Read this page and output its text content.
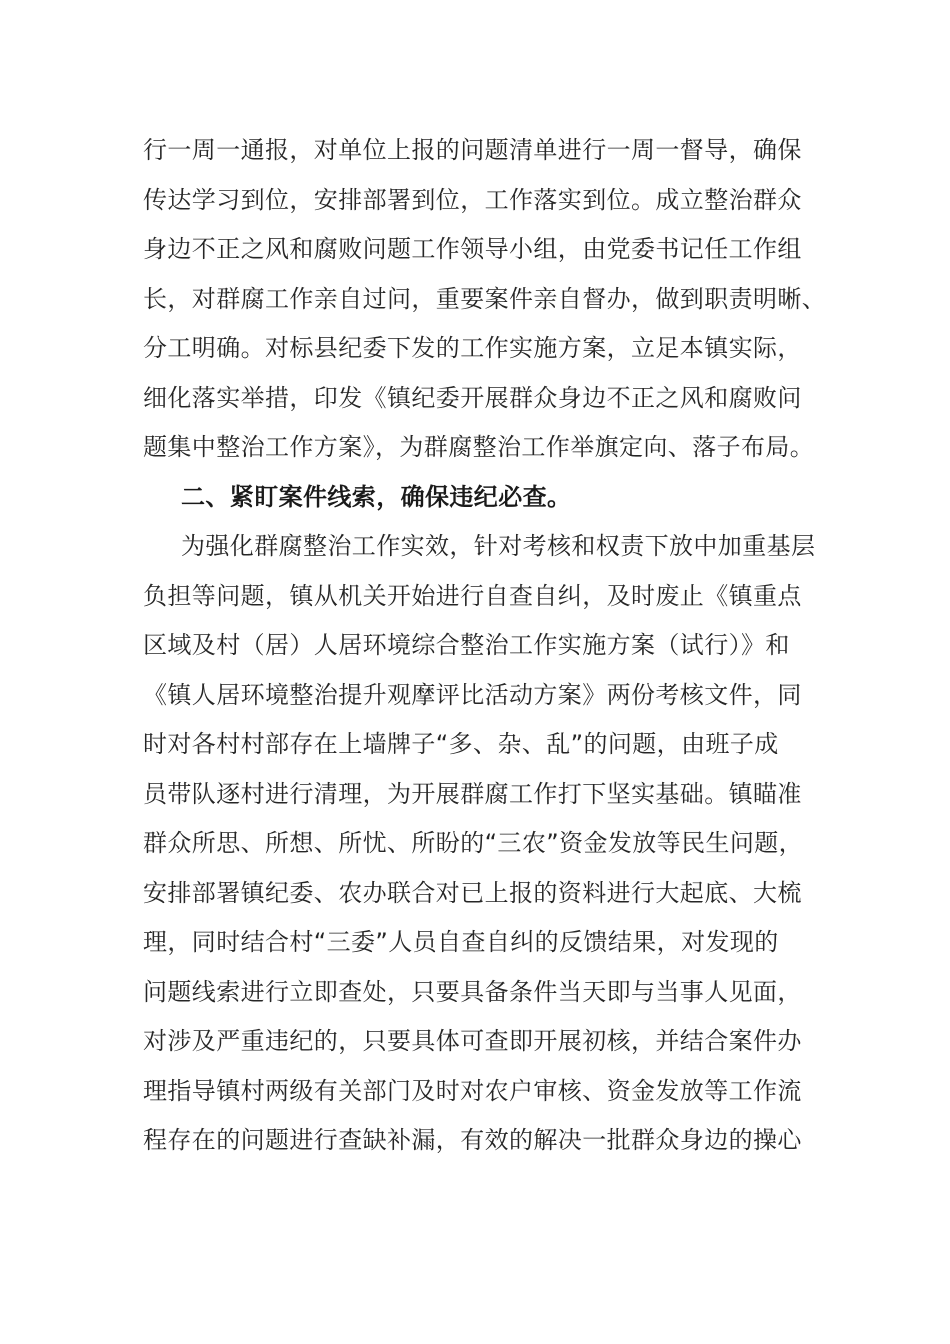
行一周一通报，对单位上报的问题清单进行一周一督导，确保
传达学习到位，安排部署到位，工作落实到位。成立整治群众
身边不正之风和腐败问题工作领导小组，由党委书记任工作组
长，对群腐工作亲自过问，重要案件亲自督办，做到职责明晰、
分工明确。对标县纪委下发的工作实施方案，立足本镇实际，
细化落实举措，印发《镇纪委开展群众身边不正之风和腐败问
题集中整治工作方案》，为群腐整治工作举旗定向、落子布局。
二、紧盯案件线索，确保违纪必查。
为强化群腐整治工作实效，针对考核和权责下放中加重基层
负担等问题，镇从机关开始进行自查自纠，及时废止《镇重点
区域及村（居）人居环境综合整治工作实施方案（试行）》和
《镇人居环境整治提升观摩评比活动方案》两份考核文件，同
时对各村村部存在上墙牌子“多、杂、乱”的问题，由班子成
员带队逐村进行清理，为开展群腐工作打下坚实基础。镇瞄准
群众所思、所想、所忧、所盼的“三农”资金发放等民生问题，
安排部署镇纪委、农办联合对已上报的资料进行大起底、大梳
理，同时结合村“三委”人员自查自纠的反馈结果，对发现的
问题线索进行立即查处，只要具备条件当天即与当事人见面，
对涉及严重违纪的，只要具体可查即开展初核，并结合案件办
理指导镇村两级有关部门及时对农户审核、资金发放等工作流
程存在的问题进行查缺补漏，有效的解决一批群众身边的操心
